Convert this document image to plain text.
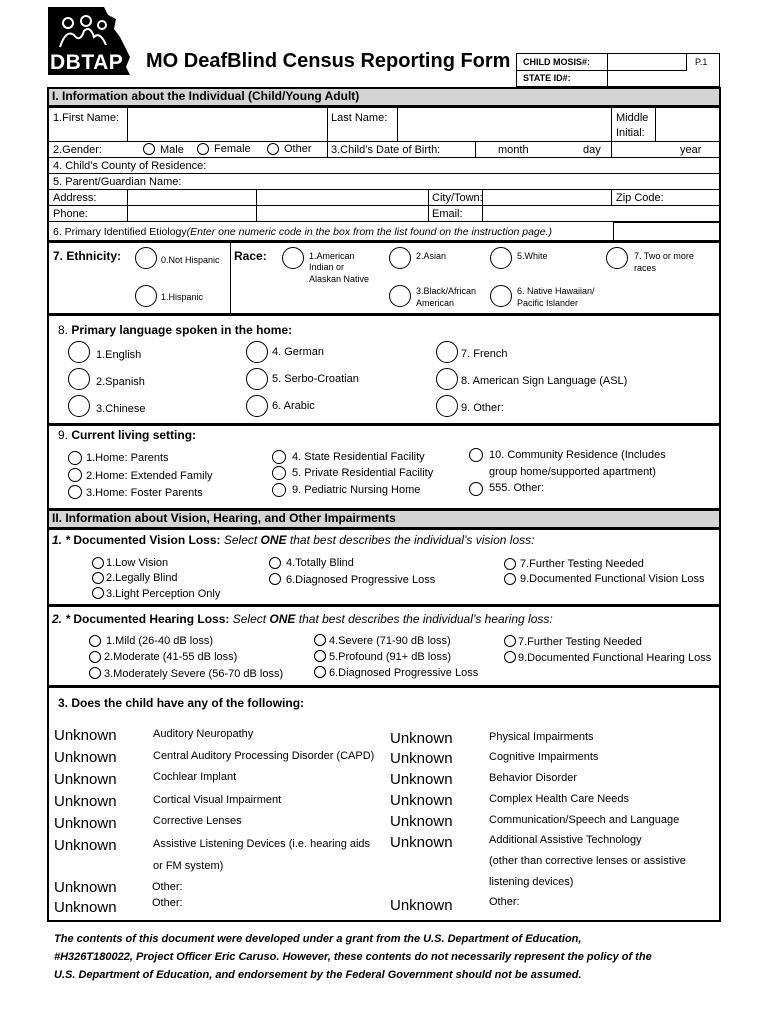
DBTAP MO DeafBlind Census Reporting Form CHILD MOSIS#:
STATE ID#:
P.1
I. Information about the Individual (Child/Young Adult)
1.First Name:	Last Name:	Middle
Initial:
2.Gender:	Male	Female	Other 3.Child’s Date of Birth:	month	day	year
4. Child’s County of Residence:
5. Parent/Guardian Name:
Address:	City/Town:	Zip Code:
Phone:	Email:
6. Primary Identified Etiology(Enter one numeric code in the box from the list found on the instruction page.)
7. Ethnicity:	0.Not Hispanic
1.Hispanic
Race:	1.American
Indian or
Alaskan Native
2.Asian
3.Black/African
American
5.White
6. Native Hawaiian/
Pacific Islander
7. Two or more
races
8. Primary language spoken in the home:
1.English
2.Spanish
3.Chinese
4. German
5. Serbo-Croatian
6. Arabic
7. French
8. American Sign Language (ASL)
9. Other:
9. Current living setting:
1.Home: Parents
2.Home: Extended Family
3.Home: Foster Parents
4. State Residential Facility
5. Private Residential Facility
9. Pediatric Nursing Home
10. Community Residence (Includes
group home/supported apartment)
555. Other:
II. Information about Vision, Hearing, and Other Impairments
1. * Documented Vision Loss: Select ONE that best describes the individual’s vision loss:
1.Low Vision
2.Legally Blind
3.Light Perception Only
4.Totally Blind
6.Diagnosed Progressive Loss
7.Further Testing Needed
9.Documented Functional Vision Loss
2. * Documented Hearing Loss: Select ONE that best describes the individual’s hearing loss:
1.Mild (26-40 dB loss)
2.Moderate (41-55 dB loss)
3.Moderately Severe (56-70 dB loss)
4.Severe (71-90 dB loss)
5.Profound (91+ dB loss)
6.Diagnosed Progressive Loss
7.Further Testing Needed
9.Documented Functional Hearing Loss
3. Does the child have any of the following:
Unknown	Auditory Neuropathy
Unknown	Central Auditory Processing Disorder (CAPD)
Unknown	Cochlear Implant
Unknown	Cortical Visual Impairment
Unknown	Corrective Lenses
Unknown	Assistive Listening Devices (i.e. hearing aids
or FM system)
Unknown	Other:
Unknown	Other:
Unknown	Physical Impairments
Unknown	Cognitive Impairments
Unknown	Behavior Disorder
Unknown	Complex Health Care Needs
Unknown	Communication/Speech and Language
Unknown	Additional Assistive Technology
(other than corrective lenses or assistive
listening devices)
Unknown	Other:
The contents of this document were developed under a grant from the U.S. Department of Education,
#H326T180022, Project Officer Eric Caruso. However, these contents do not necessarily represent the policy of the
U.S. Department of Education, and endorsement by the Federal Government should not be assumed.
